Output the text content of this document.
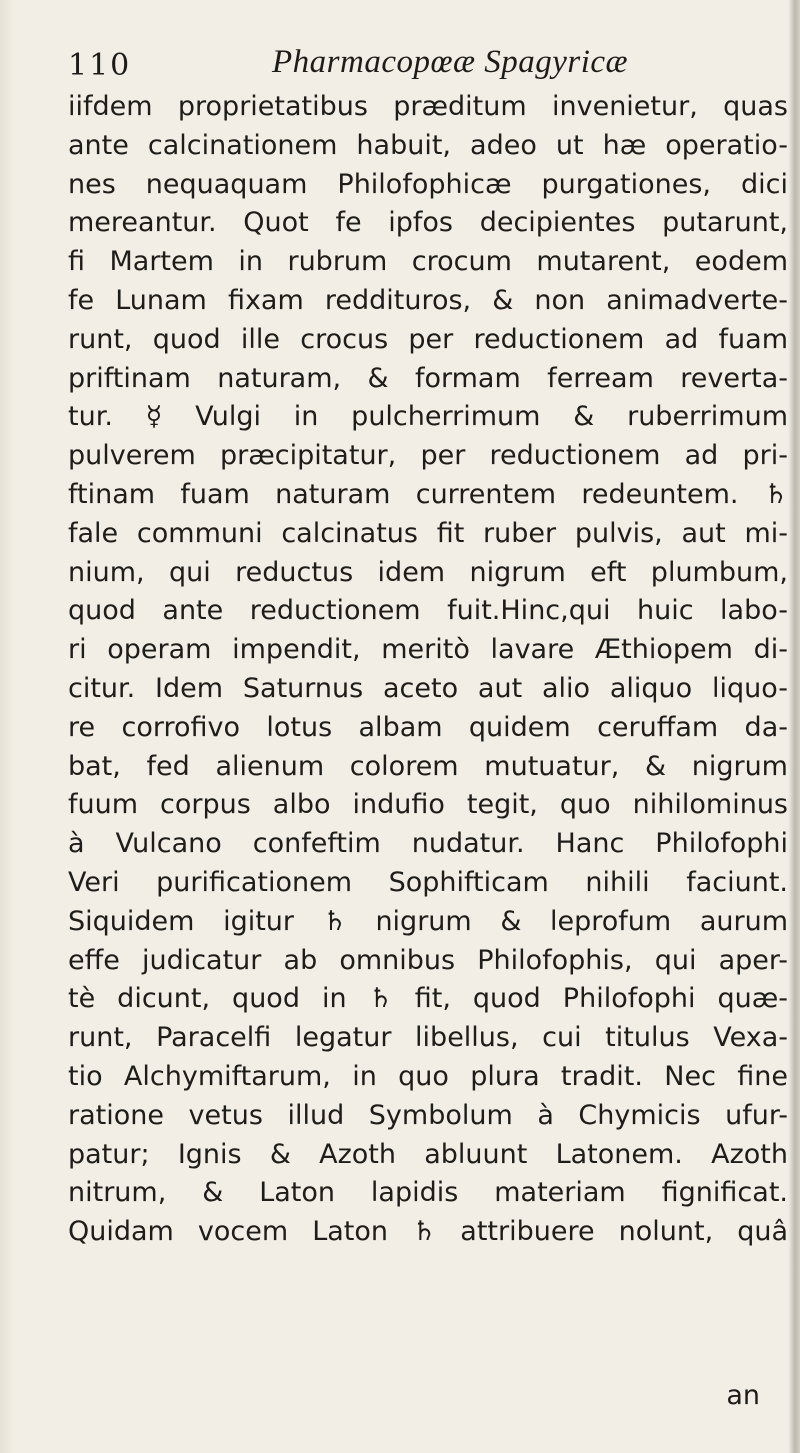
110	Pharmacopœæ Spagyricæ
iifdem proprietatibus præditum invenietur, quas
ante calcinationem habuit, adeo ut hæ operatio-
nes nequaquam Philofophicæ purgationes, dici
mereantur. Quot fe ipfos decipientes putarunt,
fi Martem in rubrum crocum mutarent, eodem
fe Lunam fixam reddituros, & non animadverte-
runt, quod ille crocus per reductionem ad fuam
priftinam naturam, & formam ferream reverta-
tur. ☿ Vulgi in pulcherrimum & ruberrimum
pulverem præcipitatur, per reductionem ad pri-
ftinam fuam naturam currentem redeuntem. ♄
fale communi calcinatus fit ruber pulvis, aut mi-
nium, qui reductus idem nigrum eft plumbum,
quod ante reductionem fuit.Hinc,qui huic labo-
ri operam impendit, meritò lavare Æthiopem di-
citur. Idem Saturnus aceto aut alio aliquo liquo-
re corrofivo lotus albam quidem ceruffam da-
bat, fed alienum colorem mutuatur, & nigrum
fuum corpus albo indufio tegit, quo nihilominus
à Vulcano confeftim nudatur. Hanc Philofophi
Veri purificationem Sophifticam nihili faciunt.
Siquidem igitur ♄ nigrum & leprofum aurum
effe judicatur ab omnibus Philofophis, qui aper-
tè dicunt, quod in ♄ fit, quod Philofophi quæ-
runt, Paracelfi legatur libellus, cui titulus Vexa-
tio Alchymiftarum, in quo plura tradit. Nec fine
ratione vetus illud Symbolum à Chymicis ufur-
patur; Ignis & Azoth abluunt Latonem. Azoth
nitrum, & Laton lapidis materiam fignificat.
Quidam vocem Laton ♄ attribuere nolunt, quâ
an
